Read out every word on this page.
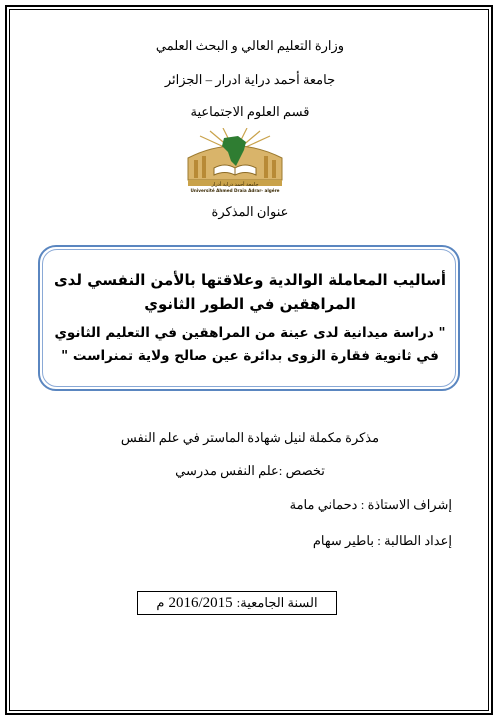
وزارة التعليم العالي و البحث العلمي
جامعة أحمد دراية ادرار – الجزائر
قسم العلوم الاجتماعية
جامعة أحمد دراية أدرار
Université Ahmed Draia Adrar- algére
عنوان المذكرة
أساليب المعاملة الوالدية وعلاقتها بالأمن النفسي لدى المراهقين في الطور الثانوي
" دراسة ميدانية لدى عينة من المراهقين في التعليم الثانوي في ثانوية فقارة الزوى بدائرة عين صالح ولاية تمنراست "
مذكرة مكملة لنيل شهادة الماستر في علم النفس
تخصص :علم النفس مدرسي
إشراف الاستاذة : دحماني مامة
إعداد الطالبة : باطير سهام
السنة الجامعية:
2016/2015
م
